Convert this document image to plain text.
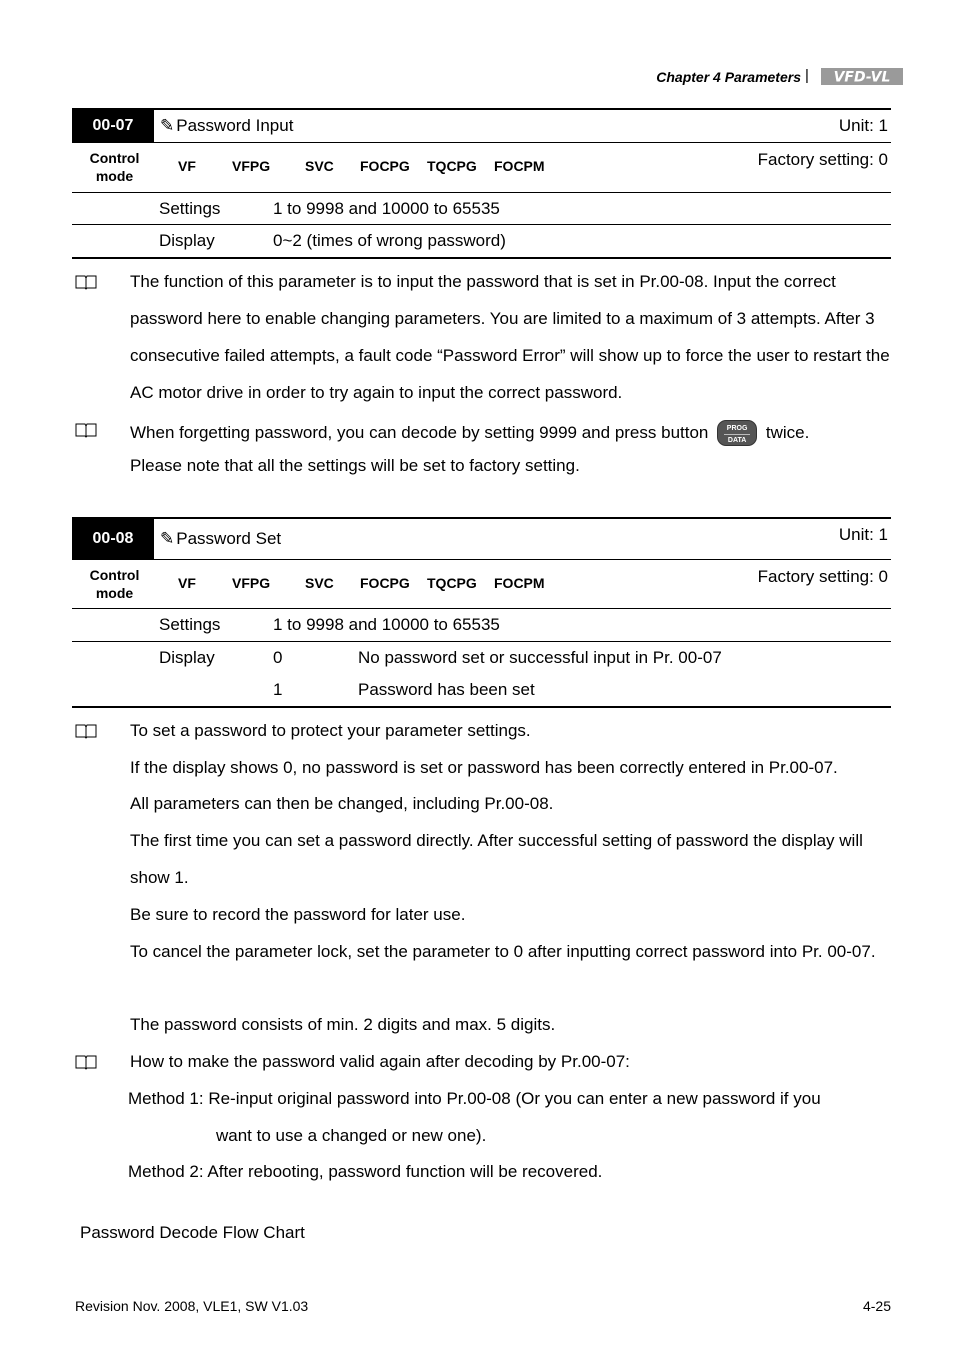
Chapter 4 Parameters | VFD-VL
00-07	✎ Password Input	Unit: 1
Control mode
VF	VFPG SVC FOCPG TQCPG FOCPM	Factory setting: 0
Settings	1 to 9998 and 10000 to 65535
Display	0~2 (times of wrong password)
The function of this parameter is to input the password that is set in Pr.00-08. Input the correct password here to enable changing parameters. You are limited to a maximum of 3 attempts. After 3 consecutive failed attempts, a fault code “Password Error” will show up to force the user to restart the AC motor drive in order to try again to input the correct password.
When forgetting password, you can decode by setting 9999 and press button	PROG
DATA twice.
Please note that all the settings will be set to factory setting.
00-08	✎ Password Set	Unit: 1
Control mode
VF	VFPG SVC FOCPG TQCPG FOCPM	Factory setting: 0
Settings	1 to 9998 and 10000 to 65535
Display	0	No password set or successful input in Pr. 00-07
1	Password has been set
To set a password to protect your parameter settings.
If the display shows 0, no password is set or password has been correctly entered in Pr.00-07.
All parameters can then be changed, including Pr.00-08.
The first time you can set a password directly. After successful setting of password the display will show 1.
Be sure to record the password for later use.
To cancel the parameter lock, set the parameter to 0 after inputting correct password into Pr. 00-07.
The password consists of min. 2 digits and max. 5 digits.
How to make the password valid again after decoding by Pr.00-07:
Method 1: Re-input original password into Pr.00-08 (Or you can enter a new password if you
want to use a changed or new one).
Method 2: After rebooting, password function will be recovered.
Password Decode Flow Chart
Revision Nov. 2008, VLE1, SW V1.03	4-25
